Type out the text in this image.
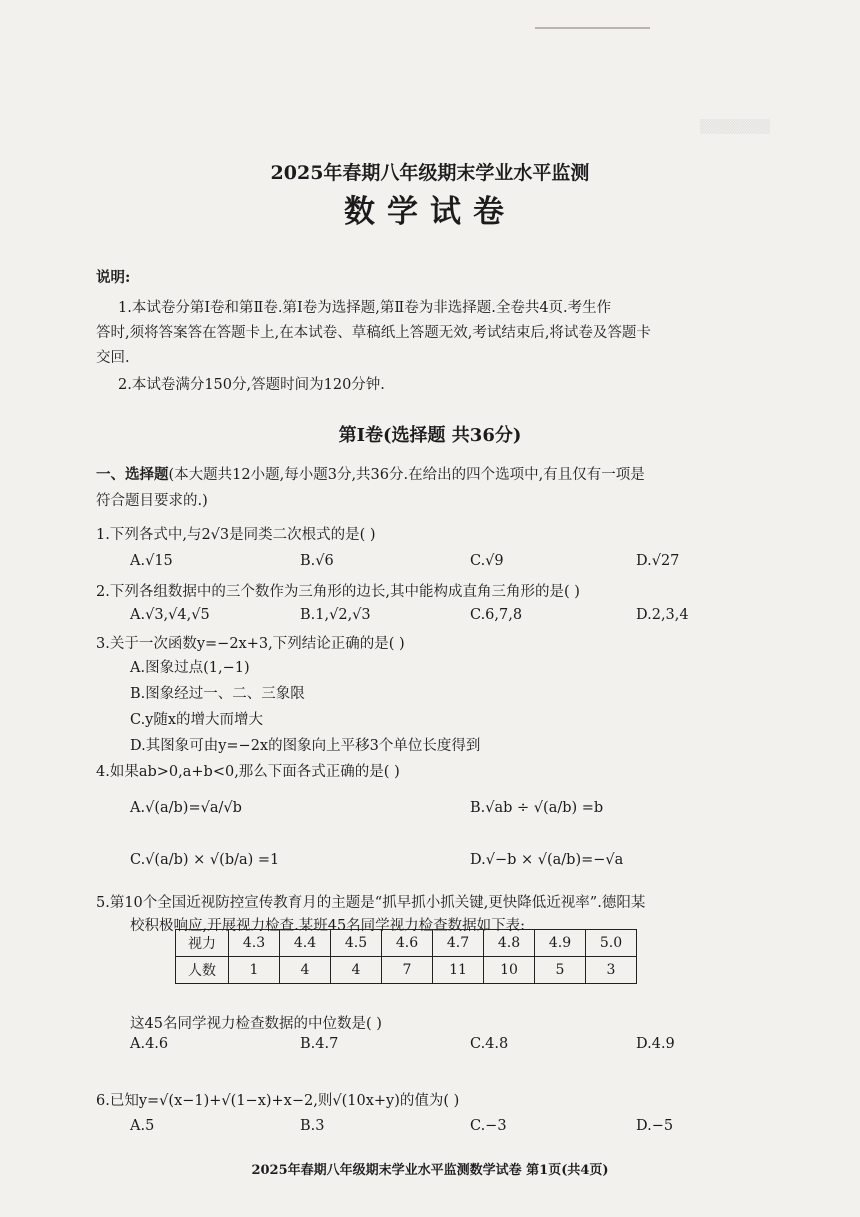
▒▒▒▒▒▒▒
2025年春期八年级期末学业水平监测
数学试卷
说明:
1.本试卷分第Ⅰ卷和第Ⅱ卷.第Ⅰ卷为选择题,第Ⅱ卷为非选择题.全卷共4页.考生作
答时,须将答案答在答题卡上,在本试卷、草稿纸上答题无效,考试结束后,将试卷及答题卡
交回.
2.本试卷满分150分,答题时间为120分钟.
第Ⅰ卷(选择题 共36分)
一、选择题(本大题共12小题,每小题3分,共36分.在给出的四个选项中,有且仅有一项是
符合题目要求的.)
1.下列各式中,与2√3是同类二次根式的是( )
A.√15	B.√6	C.√9	D.√27
2.下列各组数据中的三个数作为三角形的边长,其中能构成直角三角形的是( )
A.√3,√4,√5	B.1,√2,√3	C.6,7,8	D.2,3,4
3.关于一次函数y=−2x+3,下列结论正确的是( )
A.图象过点(1,−1)
B.图象经过一、二、三象限
C.y随x的增大而增大
D.其图象可由y=−2x的图象向上平移3个单位长度得到
4.如果ab>0,a+b<0,那么下面各式正确的是( )
A.√(a/b)=√a/√b	B.√ab ÷ √(a/b) =b
C.√(a/b) × √(b/a) =1	D.√−b × √(a/b)=−√a
5.第10个全国近视防控宣传教育月的主题是“抓早抓小抓关键,更快降低近视率”.德阳某
校积极响应,开展视力检查.某班45名同学视力检查数据如下表:
视力	4.3	4.4	4.5	4.6	4.7	4.8	4.9	5.0
人数	1	4	4	7	11	10	5	3
这45名同学视力检查数据的中位数是( )
A.4.6	B.4.7	C.4.8	D.4.9
6.已知y=√(x−1)+√(1−x)+x−2,则√(10x+y)的值为( )
A.5	B.3	C.−3	D.−5
2025年春期八年级期末学业水平监测数学试卷 第1页(共4页)
